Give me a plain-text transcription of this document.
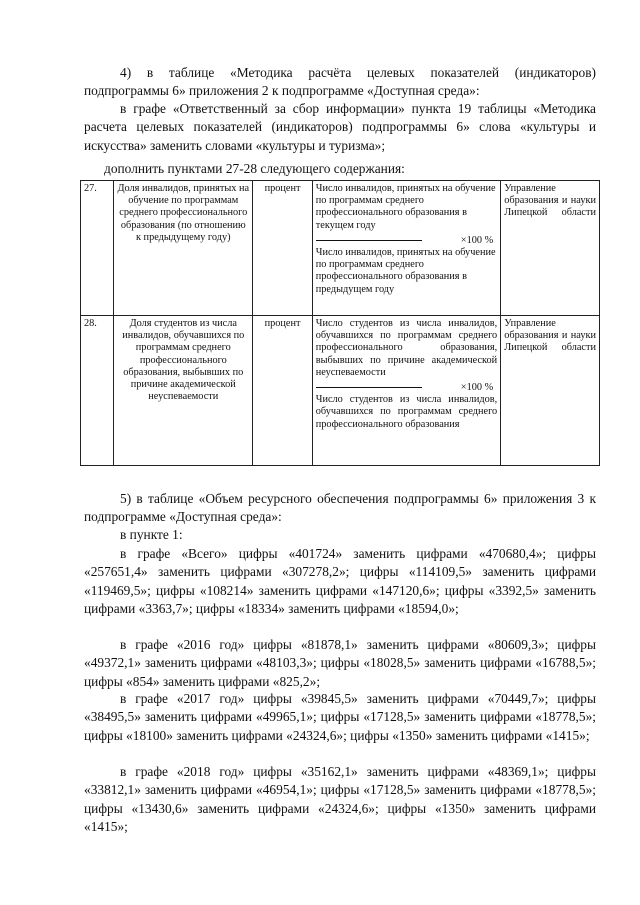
4) в таблице «Методика расчёта целевых показателей (индикаторов) подпрограммы 6» приложения 2 к подпрограмме «Доступная среда»:
в графе «Ответственный за сбор информации» пункта 19 таблицы «Методика расчета целевых показателей (индикаторов) подпрограммы 6» слова «культуры и искусства» заменить словами «культуры и туризма»;
дополнить пунктами 27-28 следующего содержания:
27.	Доля инвалидов, принятых на обучение по программам среднего профессионального образования (по отношению к предыдущему году)	процент	Число инвалидов, принятых на обучение по программам среднего профессионального образования в текущем году
×100 %
Число инвалидов, принятых на обучение по программам среднего профессионального образования в предыдущем году	Управление образования и науки Липецкой области

28.	Доля студентов из числа инвалидов, обучавшихся по программам среднего профессионального образования, выбывших по причине академической неуспеваемости	процент	Число студентов из числа инвалидов, обучавшихся по программам среднего профессионального образования, выбывших по причине академической неуспеваемости
×100 %
Число студентов из числа инвалидов, обучавшихся по программам среднего профессионального образования	Управление образования и науки Липецкой области
5) в таблице «Объем ресурсного обеспечения подпрограммы 6» приложения 3 к подпрограмме «Доступная среда»:
в пункте 1:
в графе «Всего» цифры «401724» заменить цифрами «470680,4»; цифры «257651,4» заменить цифрами «307278,2»; цифры «114109,5» заменить цифрами «119469,5»; цифры «108214» заменить цифрами «147120,6»; цифры «3392,5» заменить цифрами «3363,7»; цифры «18334» заменить цифрами «18594,0»;
в графе «2016 год» цифры «81878,1» заменить цифрами «80609,3»; цифры «49372,1» заменить цифрами «48103,3»; цифры «18028,5» заменить цифрами «16788,5»; цифры «854» заменить цифрами «825,2»;
в графе «2017 год» цифры «39845,5» заменить цифрами «70449,7»; цифры «38495,5» заменить цифрами «49965,1»; цифры «17128,5» заменить цифрами «18778,5»; цифры «18100» заменить цифрами «24324,6»; цифры «1350» заменить цифрами «1415»;
в графе «2018 год» цифры «35162,1» заменить цифрами «48369,1»; цифры «33812,1» заменить цифрами «46954,1»; цифры «17128,5» заменить цифрами «18778,5»; цифры «13430,6» заменить цифрами «24324,6»; цифры «1350» заменить цифрами «1415»;
